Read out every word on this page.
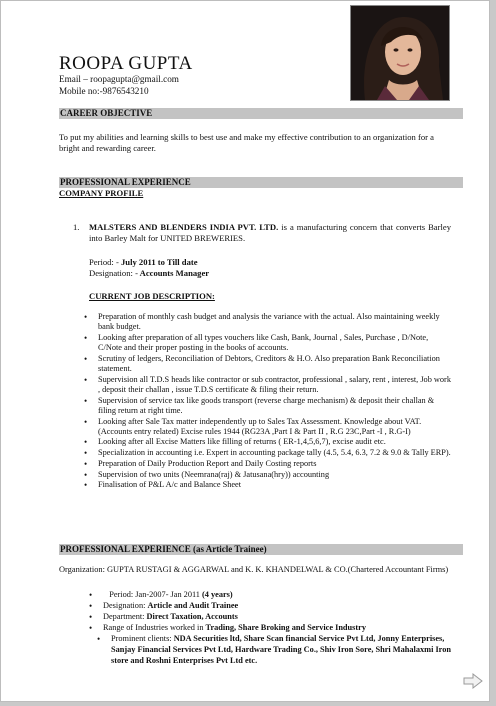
ROOPA GUPTA
Email – roopagupta@gmail.com
Mobile no:-9876543210
CAREER OBJECTIVE
To put my abilities and learning skills to best use and make my effective contribution to an organization for a bright and rewarding career.
PROFESSIONAL EXPERIENCE
COMPANY PROFILE
1. MALSTERS AND BLENDERS INDIA PVT. LTD. is a manufacturing concern that converts Barley into Barley Malt for UNITED BREWERIES.
Period: - July 2011 to Till date
Designation: - Accounts Manager
CURRENT JOB DESCRIPTION:
• Preparation of monthly cash budget and analysis the variance with the actual. Also maintaining weekly bank budget.
• Looking after preparation of all types vouchers like Cash, Bank, Journal , Sales, Purchase , D/Note, C/Note and their proper posting in the books of accounts.
• Scrutiny of ledgers, Reconciliation of Debtors, Creditors & H.O. Also preparation Bank Reconciliation statement.
• Supervision all T.D.S heads like contractor or sub contractor, professional , salary, rent , interest, Job work , deposit their challan , issue T.D.S certificate & filing their return.
• Supervision of service tax like goods transport (reverse charge mechanism) & deposit their challan & filing return at right time.
• Looking after Sale Tax matter independently up to Sales Tax Assessment. Knowledge about VAT. (Accounts entry related) Excise rules 1944 (RG23A ,Part I & Part II , R.G 23C,Part -I , R.G-I)
• Looking after all Excise Matters like filling of returns ( ER-1,4,5,6,7), excise audit etc.
• Specialization in accounting i.e. Expert in accounting package tally (4.5, 5.4, 6.3, 7.2 & 9.0 & Tally ERP).
• Preparation of Daily Production Report and Daily Costing reports
• Supervision of two units (Neemrana(raj) & Jatusana(hry)) accounting
• Finalisation of P&L A/c and Balance Sheet
PROFESSIONAL EXPERIENCE (as Article Trainee)
Organization: GUPTA RUSTAGI & AGGARWAL and K. K. KHANDELWAL & CO.(Chartered Accountant Firms)
• Period: Jan-2007- Jan 2011 (4 years)
• Designation: Article and Audit Trainee
• Department: Direct Taxation, Accounts
• Range of Industries worked in Trading, Share Broking and Service Industry
• Prominent clients: NDA Securities ltd, Share Scan financial Service Pvt Ltd, Jonny Enterprises, Sanjay Financial Services Pvt Ltd, Hardware Trading Co., Shiv Iron Sore, Shri Mahalaxmi Iron store and Roshni Enterprises Pvt Ltd etc.
